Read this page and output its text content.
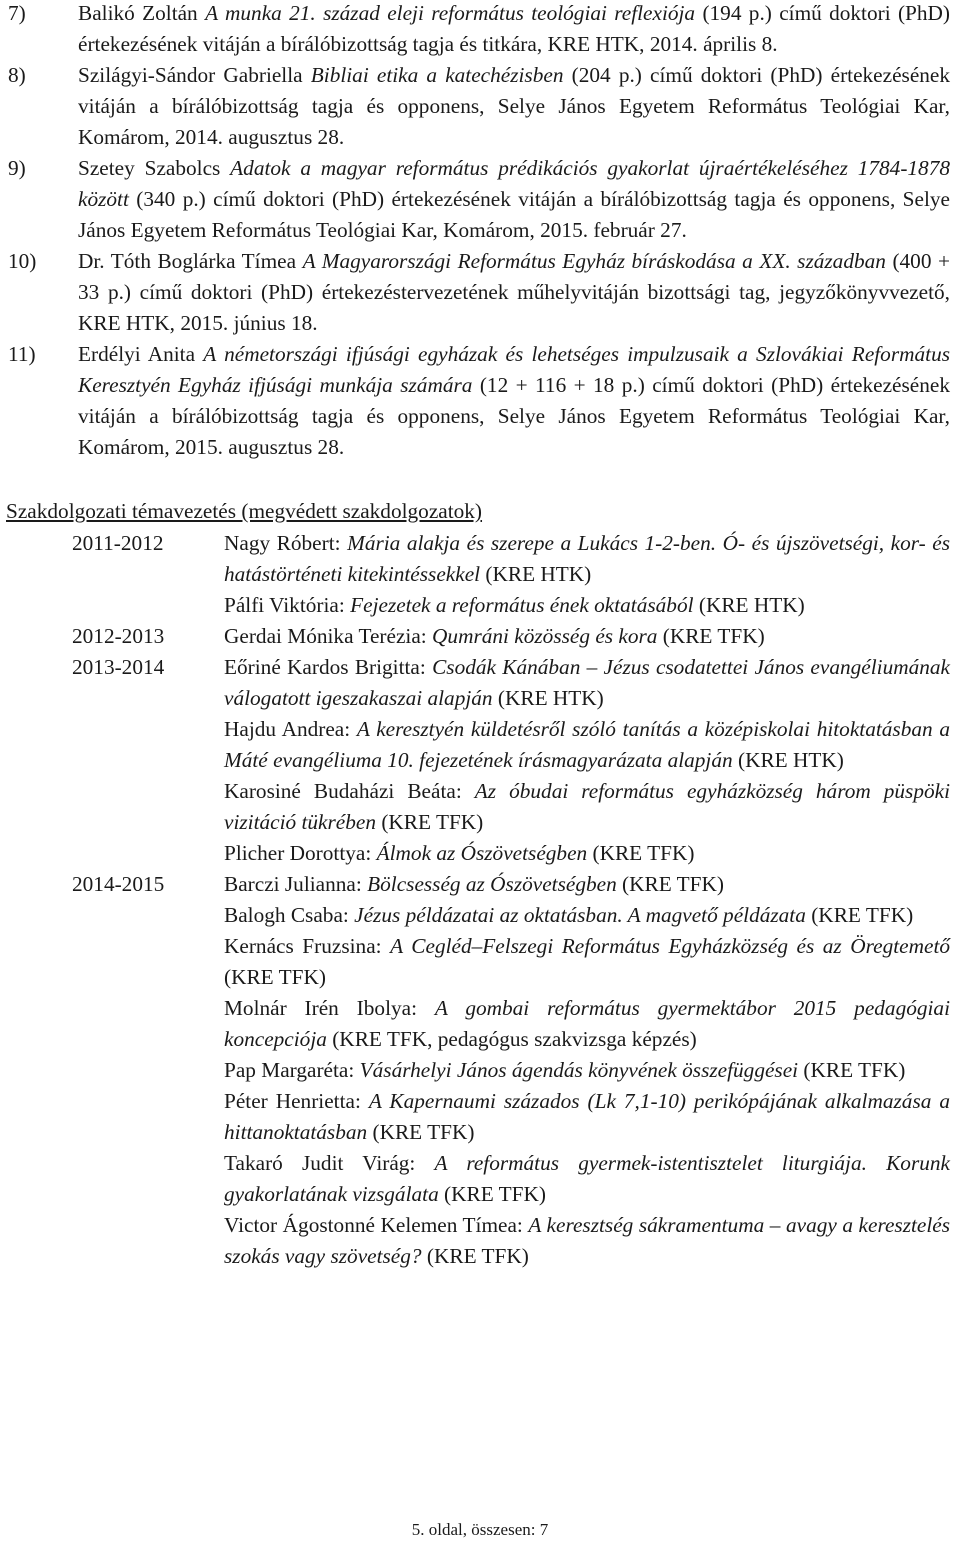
7) Balikó Zoltán A munka 21. század eleji református teológiai reflexiója (194 p.) című doktori (PhD) értekezésének vitáján a bírálóbizottság tagja és titkára, KRE HTK, 2014. április 8.
8) Szilágyi-Sándor Gabriella Bibliai etika a katechézisben (204 p.) című doktori (PhD) értekezésének vitáján a bírálóbizottság tagja és opponens, Selye János Egyetem Református Teológiai Kar, Komárom, 2014. augusztus 28.
9) Szetey Szabolcs Adatok a magyar református prédikációs gyakorlat újraértékeléséhez 1784-1878 között (340 p.) című doktori (PhD) értekezésének vitáján a bírálóbizottság tagja és opponens, Selye János Egyetem Református Teológiai Kar, Komárom, 2015. február 27.
10) Dr. Tóth Boglárka Tímea A Magyarországi Református Egyház bíráskodása a XX. században (400 + 33 p.) című doktori (PhD) értekezéstervezetének műhelyvitáján bizottsági tag, jegyzőkönyvvezető, KRE HTK, 2015. június 18.
11) Erdélyi Anita A németországi ifjúsági egyházak és lehetséges impulzusaik a Szlovákiai Református Keresztyén Egyház ifjúsági munkája számára (12 + 116 + 18 p.) című doktori (PhD) értekezésének vitáján a bírálóbizottság tagja és opponens, Selye János Egyetem Református Teológiai Kar, Komárom, 2015. augusztus 28.
Szakdolgozati témavezetés (megvédett szakdolgozatok)
2011-2012	Nagy Róbert: Mária alakja és szerepe a Lukács 1-2-ben. Ó- és újszövetségi, kor- és hatástörténeti kitekintéssekkel (KRE HTK)
Pálfi Viktória: Fejezetek a református ének oktatásából (KRE HTK)
2012-2013	Gerdai Mónika Terézia: Qumráni közösség és kora (KRE TFK)
2013-2014	Eőriné Kardos Brigitta: Csodák Kánában – Jézus csodatettei János evangéliumának válogatott igeszakaszai alapján (KRE HTK)
Hajdu Andrea: A keresztyén küldetésről szóló tanítás a középiskolai hitoktatásban a Máté evangéliuma 10. fejezetének írásmagyarázata alapján (KRE HTK)
Karosiné Budaházi Beáta: Az óbudai református egyházközség három püspöki vizitáció tükrében (KRE TFK)
Plicher Dorottya: Álmok az Ószövetségben (KRE TFK)
2014-2015	Barczi Julianna: Bölcsesség az Ószövetségben (KRE TFK)
Balogh Csaba: Jézus példázatai az oktatásban. A magvető példázata (KRE TFK)
Kernács Fruzsina: A Cegléd–Felszegi Református Egyházközség és az Öregtemető (KRE TFK)
Molnár Irén Ibolya: A gombai református gyermektábor 2015 pedagógiai koncepciója (KRE TFK, pedagógus szakvizsga képzés)
Pap Margaréta: Vásárhelyi János ágendás könyvének összefüggései (KRE TFK)
Péter Henrietta: A Kapernaumi százados (Lk 7,1-10) perikópájának alkalmazása a hittanoktatásban (KRE TFK)
Takaró Judit Virág: A református gyermek-istentisztelet liturgiája. Korunk gyakorlatának vizsgálata (KRE TFK)
Victor Ágostonné Kelemen Tímea: A keresztség sákramentuma – avagy a keresztelés szokás vagy szövetség? (KRE TFK)
5. oldal, összesen: 7
